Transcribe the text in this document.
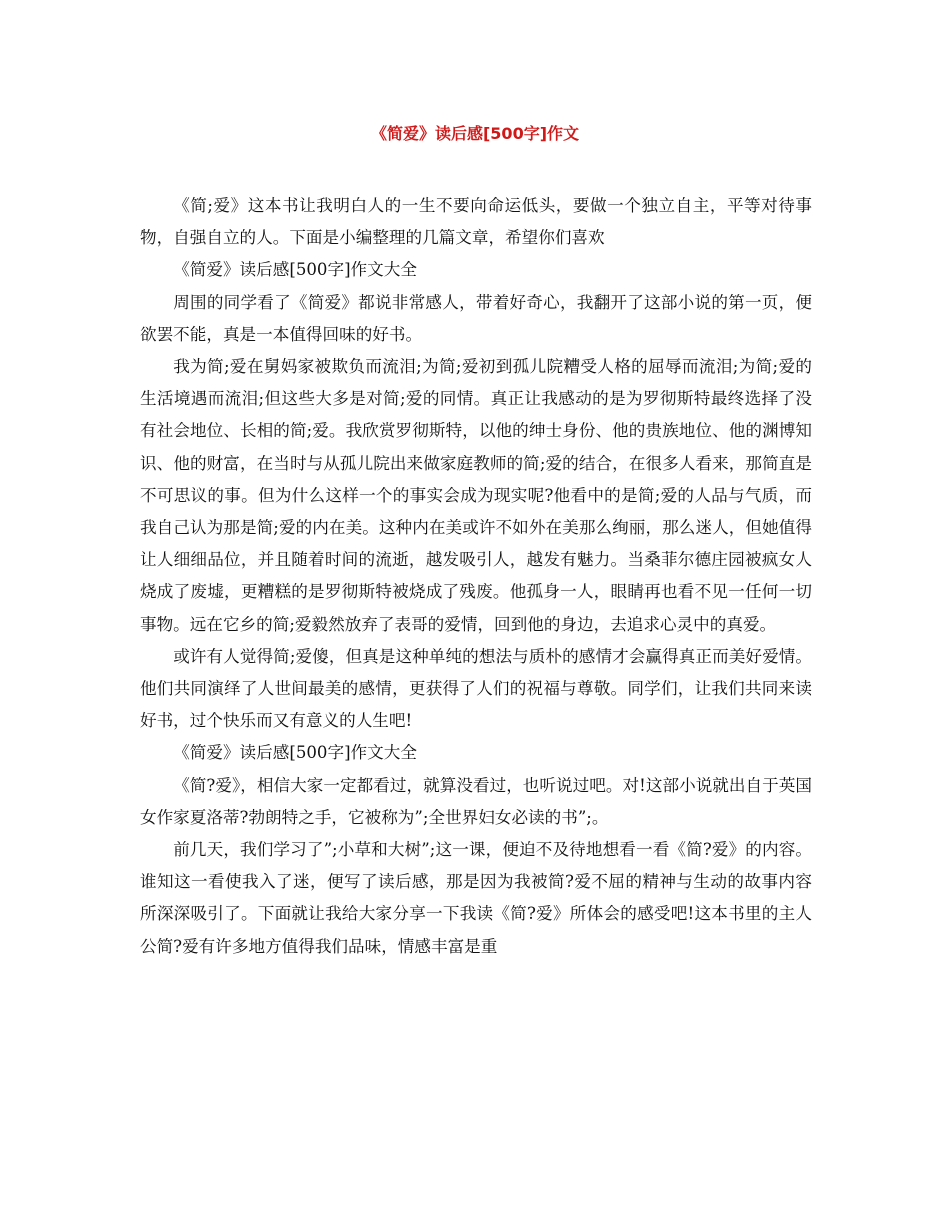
《简爱》读后感[500字]作文

《简;爱》这本书让我明白人的一生不要向命运低头，要做一个独立自主，平等对待事物，自强自立的人。下面是小编整理的几篇文章，希望你们喜欢

《简爱》读后感[500字]作文大全

周围的同学看了《简爱》都说非常感人，带着好奇心，我翻开了这部小说的第一页，便欲罢不能，真是一本值得回味的好书。

我为简;爱在舅妈家被欺负而流泪;为简;爱初到孤儿院糟受人格的屈辱而流泪;为简;爱的生活境遇而流泪;但这些大多是对简;爱的同情。真正让我感动的是为罗彻斯特最终选择了没有社会地位、长相的简;爱。我欣赏罗彻斯特，以他的绅士身份、他的贵族地位、他的渊博知识、他的财富，在当时与从孤儿院出来做家庭教师的简;爱的结合，在很多人看来，那简直是不可思议的事。但为什么这样一个的事实会成为现实呢?他看中的是简;爱的人品与气质，而我自己认为那是简;爱的内在美。这种内在美或许不如外在美那么绚丽，那么迷人，但她值得让人细细品位，并且随着时间的流逝，越发吸引人，越发有魅力。当桑菲尔德庄园被疯女人烧成了废墟，更糟糕的是罗彻斯特被烧成了残废。他孤身一人，眼睛再也看不见一任何一切事物。远在它乡的简;爱毅然放弃了表哥的爱情，回到他的身边，去追求心灵中的真爱。

或许有人觉得简;爱傻，但真是这种单纯的想法与质朴的感情才会赢得真正而美好爱情。他们共同演绎了人世间最美的感情，更获得了人们的祝福与尊敬。同学们，让我们共同来读好书，过个快乐而又有意义的人生吧!

《简爱》读后感[500字]作文大全

《简?爱》，相信大家一定都看过，就算没看过，也听说过吧。对!这部小说就出自于英国女作家夏洛蒂?勃朗特之手，它被称为”;全世界妇女必读的书”;。

前几天，我们学习了”;小草和大树”;这一课，便迫不及待地想看一看《简?爱》的内容。谁知这一看使我入了迷，便写了读后感，那是因为我被简?爱不屈的精神与生动的故事内容所深深吸引了。下面就让我给大家分享一下我读《简?爱》所体会的感受吧!这本书里的主人公简?爱有许多地方值得我们品味，情感丰富是重
